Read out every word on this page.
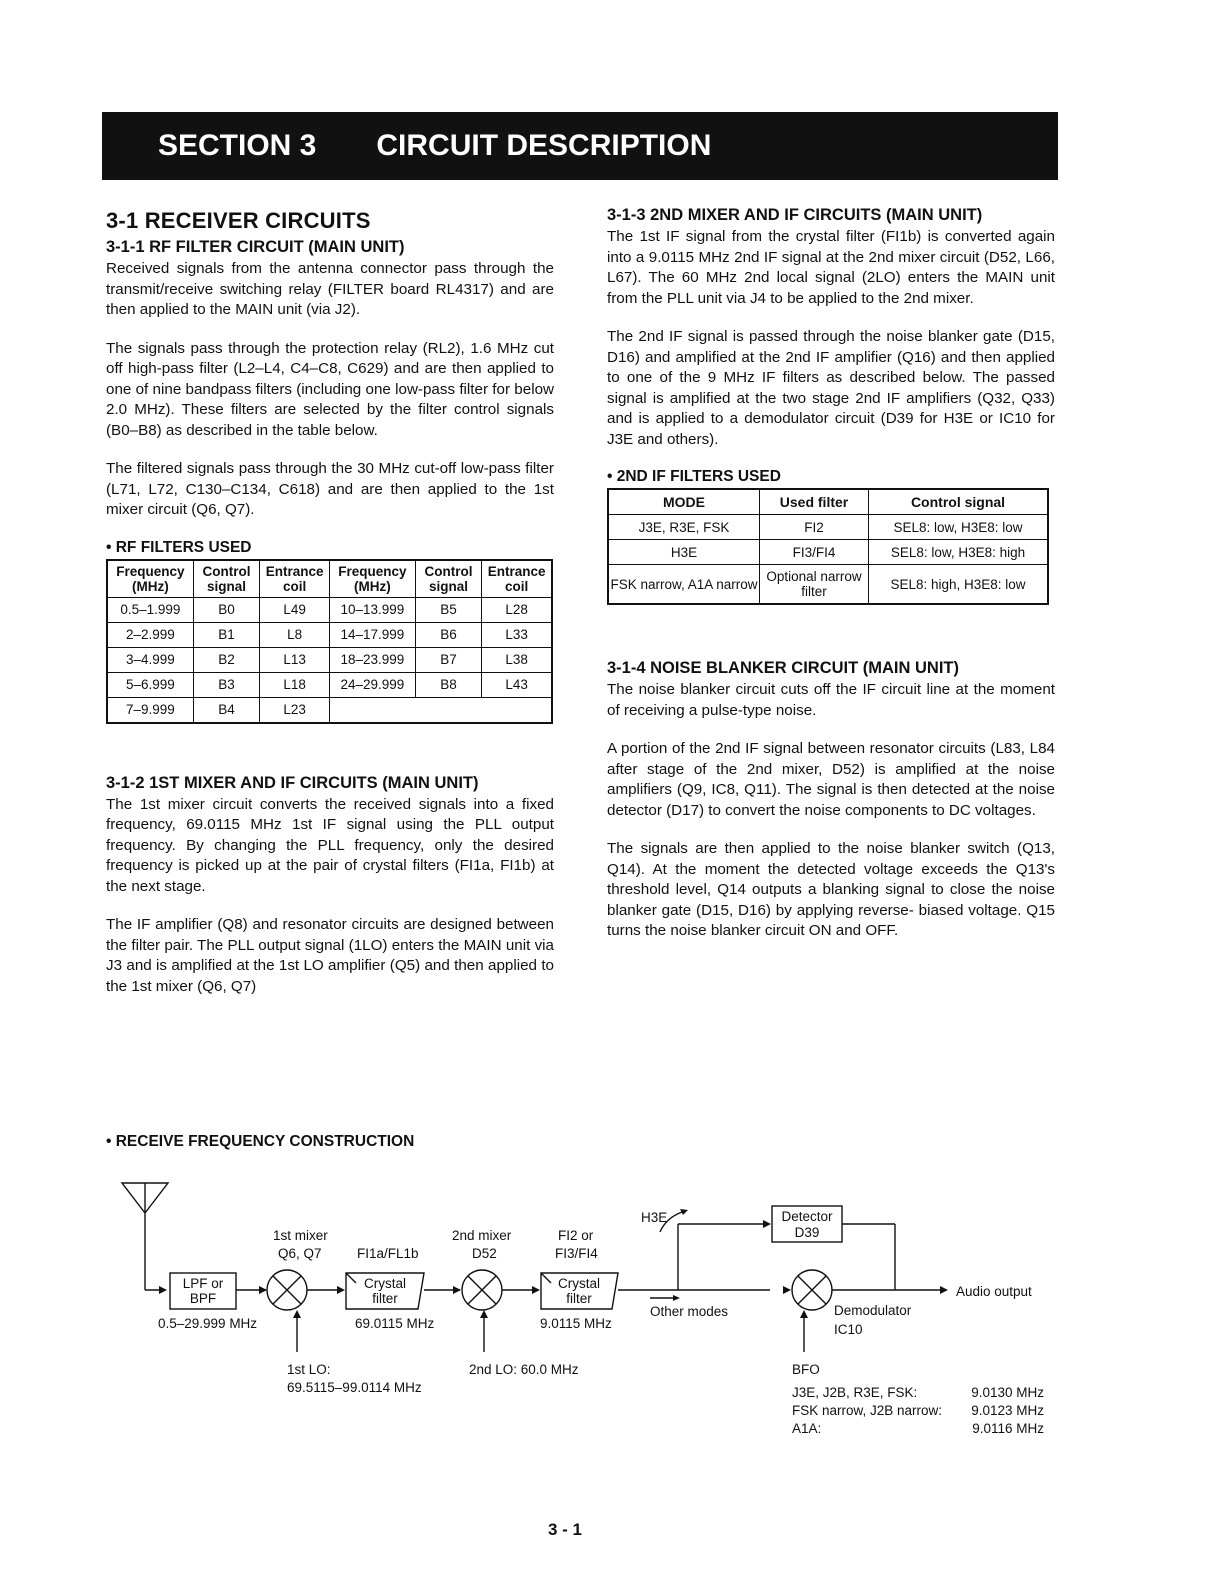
SECTION 3 CIRCUIT DESCRIPTION
3-1 RECEIVER CIRCUITS
3-1-1 RF FILTER CIRCUIT (MAIN UNIT)

Received signals from the antenna connector pass through the transmit/receive switching relay (FILTER board RL4317) and are then applied to the MAIN unit (via J2).

The signals pass through the protection relay (RL2), 1.6 MHz cut off high-pass filter (L2–L4, C4–C8, C629) and are then applied to one of nine bandpass filters (including one low-pass filter for below 2.0 MHz). These filters are selected by the filter control signals (B0–B8) as described in the table below.

The filtered signals pass through the 30 MHz cut-off low-pass filter (L71, L72, C130–C134, C618) and are then applied to the 1st mixer circuit (Q6, Q7).

• RF FILTERS USED
Frequency (MHz)	Control signal	Entrance coil	Frequency (MHz)	Control signal	Entrance coil
0.5–1.999	B0	L49	10–13.999	B5	L28
2–2.999	B1	L8	14–17.999	B6	L33
3–4.999	B2	L13	18–23.999	B7	L38
5–6.999	B3	L18	24–29.999	B8	L43
7–9.999	B4	L23			
3-1-2 1ST MIXER AND IF CIRCUITS (MAIN UNIT)

The 1st mixer circuit converts the received signals into a fixed frequency, 69.0115 MHz 1st IF signal using the PLL output frequency. By changing the PLL frequency, only the desired frequency is picked up at the pair of crystal filters (FI1a, FI1b) at the next stage.

The IF amplifier (Q8) and resonator circuits are designed between the filter pair. The PLL output signal (1LO) enters the MAIN unit via J3 and is amplified at the 1st LO amplifier (Q5) and then applied to the 1st mixer (Q6, Q7)

3-1-3 2ND MIXER AND IF CIRCUITS (MAIN UNIT)

The 1st IF signal from the crystal filter (FI1b) is converted again into a 9.0115 MHz 2nd IF signal at the 2nd mixer circuit (D52, L66, L67). The 60 MHz 2nd local signal (2LO) enters the MAIN unit from the PLL unit via J4 to be applied to the 2nd mixer.

The 2nd IF signal is passed through the noise blanker gate (D15, D16) and amplified at the 2nd IF amplifier (Q16) and then applied to one of the 9 MHz IF filters as described below. The passed signal is amplified at the two stage 2nd IF amplifiers (Q32, Q33) and is applied to a demodulator circuit (D39 for H3E or IC10 for J3E and others).

• 2ND IF FILTERS USED
MODE	Used filter	Control signal
J3E, R3E, FSK	FI2	SEL8: low, H3E8: low
H3E	FI3/FI4	SEL8: low, H3E8: high
FSK narrow, A1A narrow	Optional narrow filter	SEL8: high, H3E8: low
3-1-4 NOISE BLANKER CIRCUIT (MAIN UNIT)

The noise blanker circuit cuts off the IF circuit line at the moment of receiving a pulse-type noise.

A portion of the 2nd IF signal between resonator circuits (L83, L84 after stage of the 2nd mixer, D52) is amplified at the noise amplifiers (Q9, IC8, Q11). The signal is then detected at the noise detector (D17) to convert the noise components to DC voltages.

The signals are then applied to the noise blanker switch (Q13, Q14). At the moment the detected voltage exceeds the Q13's threshold level, Q14 outputs a blanking signal to close the noise blanker gate (D15, D16) by applying reverse- biased voltage. Q15 turns the noise blanker circuit ON and OFF.

• RECEIVE FREQUENCY CONSTRUCTION
LPF or
BPF
0.5–29.999 MHz
1st mixer
Q6, Q7	FI1a/FL1b
Crystal
filter
69.0115 MHz
1st LO:
69.5115–99.0114 MHz
2nd mixer
D52
2nd LO: 60.0 MHz
FI2 or
FI3/FI4
Crystal
filter
9.0115 MHz
H3E
Other modes
Detector
D39
Demodulator
IC10
Audio output
BFO
J3E, J2B, R3E, FSK:	9.0130 MHz
FSK narrow, J2B narrow: 9.0123 MHz
A1A:	9.0116 MHz
3 - 1
